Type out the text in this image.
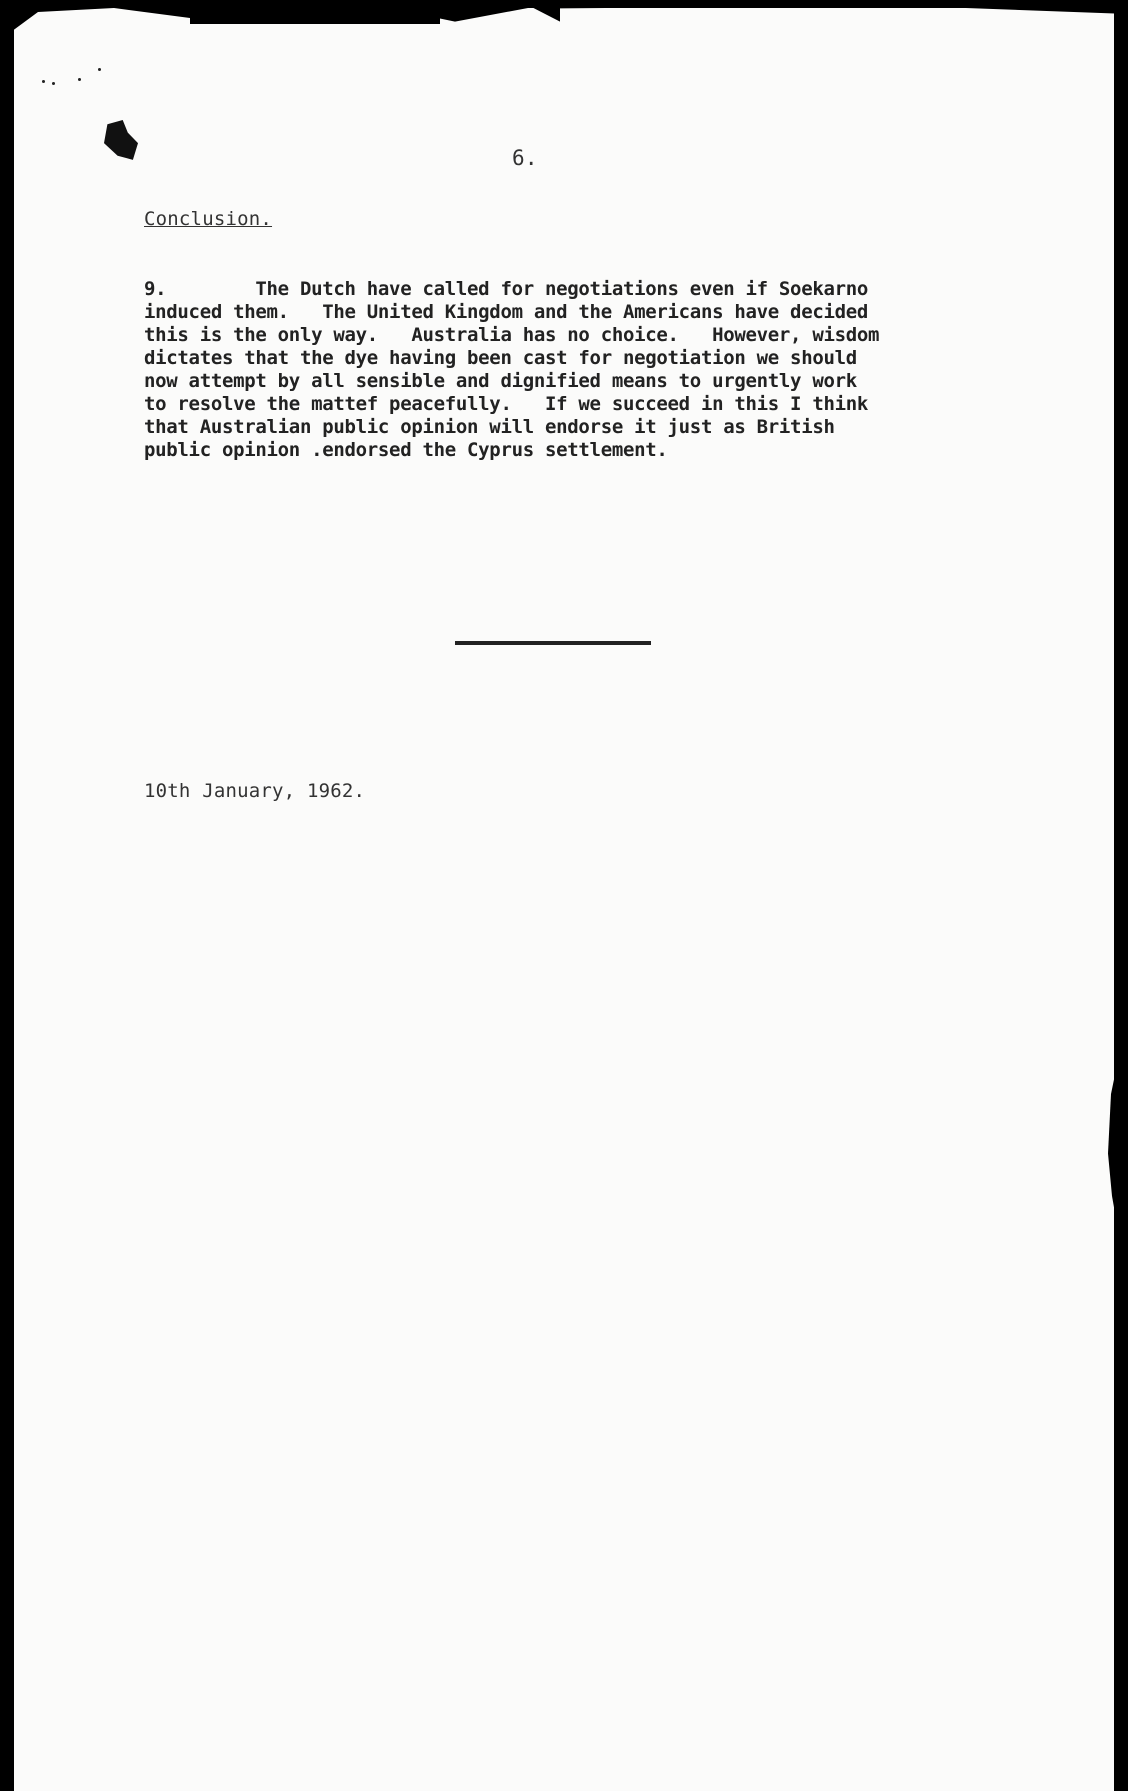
6.
Conclusion.
9.        The Dutch have called for negotiations even if Soekarno
induced them.   The United Kingdom and the Americans have decided
this is the only way.   Australia has no choice.   However, wisdom
dictates that the dye having been cast for negotiation we should
now attempt by all sensible and dignified means to urgently work
to resolve the mattef peacefully.   If we succeed in this I think
that Australian public opinion will endorse it just as British
public opinion .endorsed the Cyprus settlement.
10th January, 1962.
